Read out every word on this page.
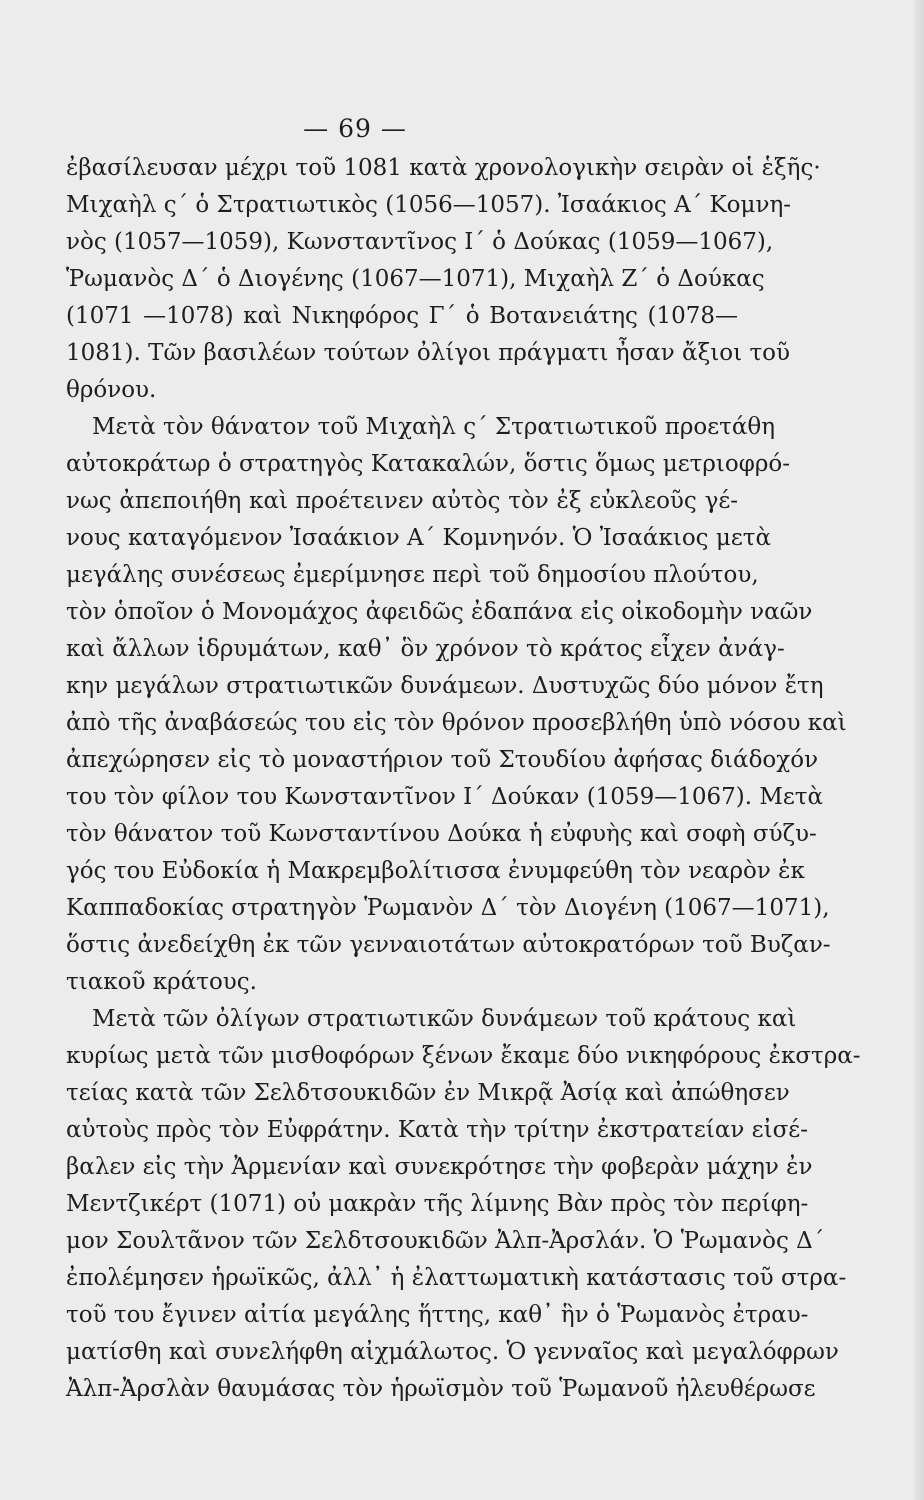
— 69 —
ἐβασίλευσαν μέχρι τοῦ 1081 κατὰ χρονολογικὴν σειρὰν οἱ ἑξῆς·
Μιχαὴλ ς΄ ὁ Στρατιωτικὸς (1056—1057). Ἰσαάκιος Α΄ Κομνη-
νὸς (1057—1059), Κωνσταντῖνος Ι΄ ὁ Δούκας (1059—1067),
Ῥωμανὸς Δ΄ ὁ Διογένης (1067—1071), Μιχαὴλ Ζ΄ ὁ Δούκας
(1071 —1078) καὶ Νικηφόρος Γ΄ ὁ Βοτανειάτης (1078—
1081). Τῶν βασιλέων τούτων ὀλίγοι πράγματι ἦσαν ἄξιοι τοῦ
θρόνου.
Μετὰ τὸν θάνατον τοῦ Μιχαὴλ ς΄ Στρατιωτικοῦ προετάθη
αὐτοκράτωρ ὁ στρατηγὸς Κατακαλών, ὅστις ὅμως μετριοφρό-
νως ἀπεποιήθη καὶ προέτεινεν αὐτὸς τὸν ἐξ εὐκλεοῦς γέ-
νους καταγόμενον Ἰσαάκιον Α΄ Κομνηνόν. Ὁ Ἰσαάκιος μετὰ
μεγάλης συνέσεως ἐμερίμνησε περὶ τοῦ δημοσίου πλούτου,
τὸν ὁποῖον ὁ Μονομάχος ἀφειδῶς ἐδαπάνα εἰς οἰκοδομὴν ναῶν
καὶ ἄλλων ἱδρυμάτων, καθ᾽ ὃν χρόνον τὸ κράτος εἶχεν ἀνάγ-
κην μεγάλων στρατιωτικῶν δυνάμεων. Δυστυχῶς δύο μόνον ἔτη
ἀπὸ τῆς ἀναβάσεώς του εἰς τὸν θρόνον προσεβλήθη ὑπὸ νόσου καὶ
ἀπεχώρησεν εἰς τὸ μοναστήριον τοῦ Στουδίου ἀφήσας διάδοχόν
του τὸν φίλον του Κωνσταντῖνον Ι΄ Δούκαν (1059—1067). Μετὰ
τὸν θάνατον τοῦ Κωνσταντίνου Δούκα ἡ εὐφυὴς καὶ σοφὴ σύζυ-
γός του Εὐδοκία ἡ Μακρεμβολίτισσα ἐνυμφεύθη τὸν νεαρὸν ἐκ
Καππαδοκίας στρατηγὸν Ῥωμανὸν Δ΄ τὸν Διογένη (1067—1071),
ὅστις ἀνεδείχθη ἐκ τῶν γενναιοτάτων αὐτοκρατόρων τοῦ Βυζαν-
τιακοῦ κράτους.
Μετὰ τῶν ὀλίγων στρατιωτικῶν δυνάμεων τοῦ κράτους καὶ
κυρίως μετὰ τῶν μισθοφόρων ξένων ἔκαμε δύο νικηφόρους ἐκστρα-
τείας κατὰ τῶν Σελδτσουκιδῶν ἐν Μικρᾷ Ἀσίᾳ καὶ ἀπώθησεν
αὐτοὺς πρὸς τὸν Εὐφράτην. Κατὰ τὴν τρίτην ἐκστρατείαν εἰσέ-
βαλεν εἰς τὴν Ἀρμενίαν καὶ συνεκρότησε τὴν φοβερὰν μάχην ἐν
Μεντζικέρτ (1071) οὐ μακρὰν τῆς λίμνης Βὰν πρὸς τὸν περίφη-
μον Σουλτᾶνον τῶν Σελδτσουκιδῶν Ἀλπ-Ἀρσλάν. Ὁ Ῥωμανὸς Δ΄
ἐπολέμησεν ἡρωϊκῶς, ἀλλ᾽ ἡ ἐλαττωματικὴ κατάστασις τοῦ στρα-
τοῦ του ἔγινεν αἰτία μεγάλης ἥττης, καθ᾽ ἣν ὁ Ῥωμανὸς ἐτραυ-
ματίσθη καὶ συνελήφθη αἰχμάλωτος. Ὁ γενναῖος καὶ μεγαλόφρων
Ἀλπ-Ἀρσλὰν θαυμάσας τὸν ἡρωϊσμὸν τοῦ Ῥωμανοῦ ἠλευθέρωσε
